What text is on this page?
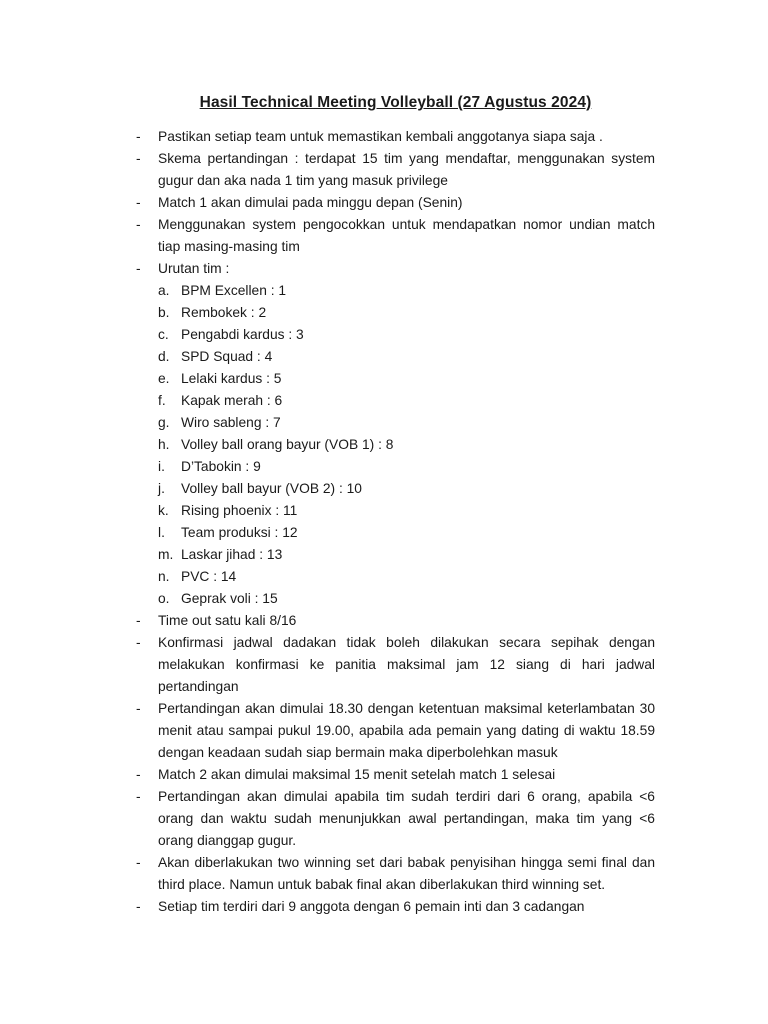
Hasil Technical Meeting Volleyball (27 Agustus 2024)
- Pastikan setiap team untuk memastikan kembali anggotanya siapa saja .
- Skema pertandingan : terdapat 15 tim yang mendaftar, menggunakan system gugur dan aka nada 1 tim yang masuk privilege
- Match 1 akan dimulai pada minggu depan (Senin)
- Menggunakan system pengocokkan untuk mendapatkan nomor undian match tiap masing-masing tim
- Urutan tim :
a. BPM Excellen : 1
b. Rembokek : 2
c. Pengabdi kardus : 3
d. SPD Squad : 4
e. Lelaki kardus : 5
f. Kapak merah : 6
g. Wiro sableng : 7
h. Volley ball orang bayur (VOB 1) : 8
i. D’Tabokin : 9
j. Volley ball bayur (VOB 2) : 10
k. Rising phoenix : 11
l. Team produksi : 12
m. Laskar jihad : 13
n. PVC : 14
o. Geprak voli : 15
- Time out satu kali 8/16
- Konfirmasi jadwal dadakan tidak boleh dilakukan secara sepihak dengan melakukan konfirmasi ke panitia maksimal jam 12 siang di hari jadwal pertandingan
- Pertandingan akan dimulai 18.30 dengan ketentuan maksimal keterlambatan 30 menit atau sampai pukul 19.00, apabila ada pemain yang dating di waktu 18.59 dengan keadaan sudah siap bermain maka diperbolehkan masuk
- Match 2 akan dimulai maksimal 15 menit setelah match 1 selesai
- Pertandingan akan dimulai apabila tim sudah terdiri dari 6 orang, apabila <6 orang dan waktu sudah menunjukkan awal pertandingan, maka tim yang <6 orang dianggap gugur.
- Akan diberlakukan two winning set dari babak penyisihan hingga semi final dan third place. Namun untuk babak final akan diberlakukan third winning set.
- Setiap tim terdiri dari 9 anggota dengan 6 pemain inti dan 3 cadangan
